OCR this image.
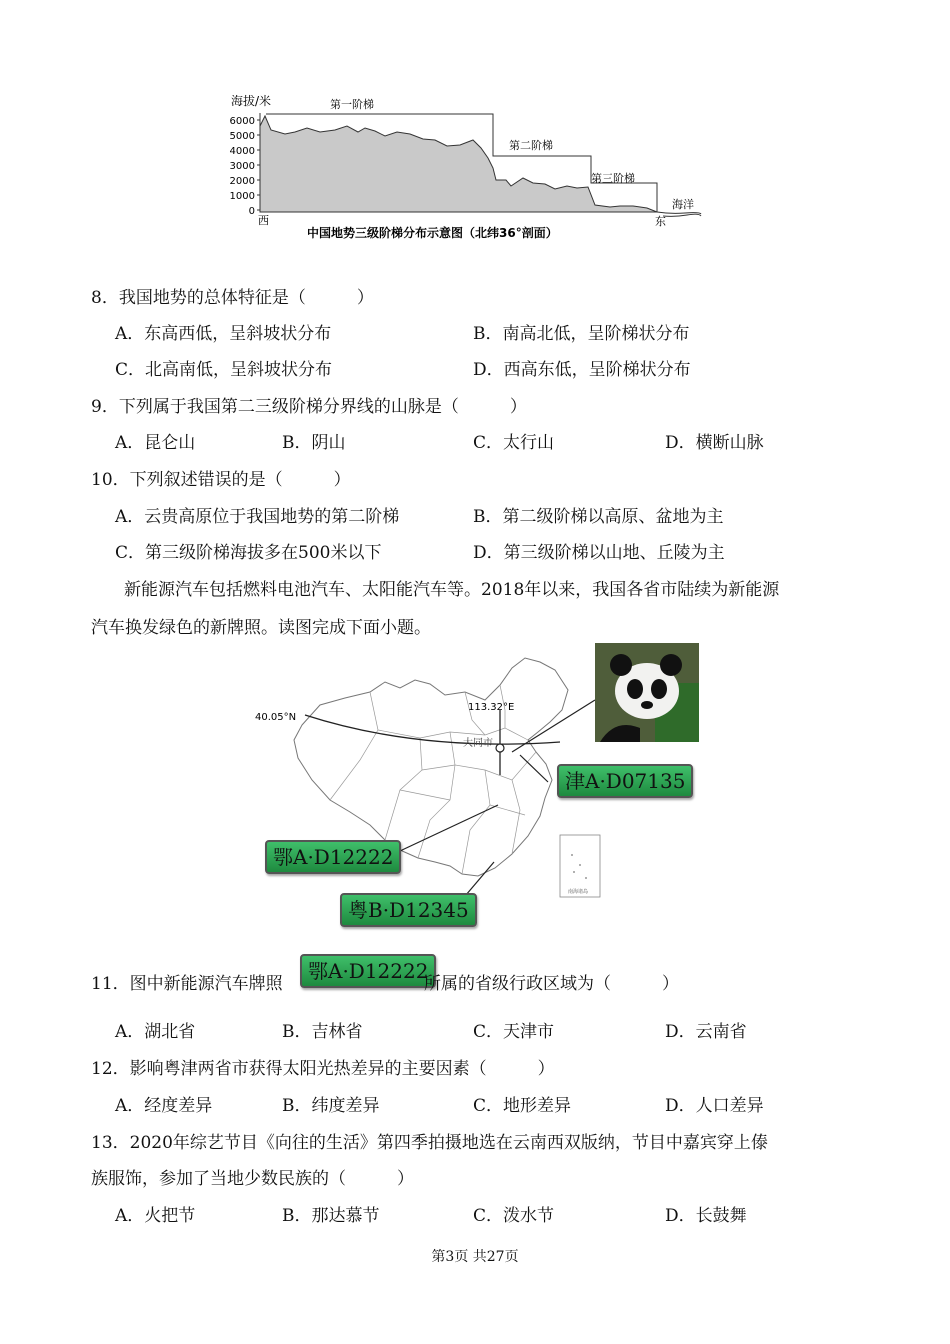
海拔/米
6000
5000
4000
3000
2000
1000
0
第一阶梯
第二阶梯
第三阶梯
海洋
西	东
中国地势三级阶梯分布示意图（北纬36°剖面）
8．我国地势的总体特征是（　　　）
A．东高西低，呈斜坡状分布	B．南高北低，呈阶梯状分布
C．北高南低，呈斜坡状分布	D．西高东低，呈阶梯状分布
9．下列属于我国第二三级阶梯分界线的山脉是（　　　）
A．昆仑山	B．阴山	C．太行山	D．横断山脉
10．下列叙述错误的是（　　　）
A．云贵高原位于我国地势的第二阶梯	B．第二级阶梯以高原、盆地为主
C．第三级阶梯海拔多在500米以下	D．第三级阶梯以山地、丘陵为主
新能源汽车包括燃料电池汽车、太阳能汽车等。2018年以来，我国各省市陆续为新能源
汽车换发绿色的新牌照。读图完成下面小题。
40.05°N
113.32°E
大同市
南海诸岛
津A·D07135
鄂A·D12222
粤B·D12345
11．图中新能源汽车牌照
鄂A·D12222
所属的省级行政区域为（　　　）
A．湖北省	B．吉林省	C．天津市	D．云南省
12．影响粤津两省市获得太阳光热差异的主要因素（　　　）
A．经度差异	B．纬度差异	C．地形差异	D．人口差异
13．2020年综艺节目《向往的生活》第四季拍摄地选在云南西双版纳，节目中嘉宾穿上傣
族服饰，参加了当地少数民族的（　　　）
A．火把节	B．那达慕节	C．泼水节	D．长鼓舞
第3页 共27页
